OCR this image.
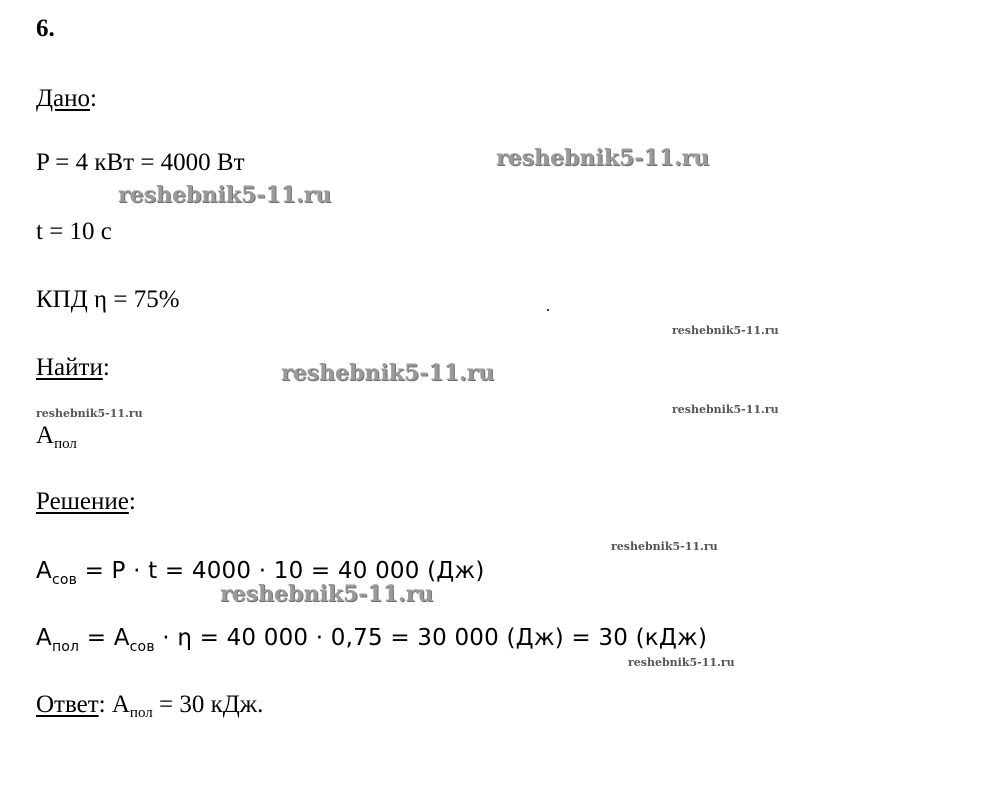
6.
Дано:
P = 4 кВт = 4000 Вт
t = 10 с
КПД η = 75%
Найти:
$A_{пол}$
Решение:
$A_{сов} = P \cdot t = 4000 \cdot 10 = 40$ 000 (Дж)
$A_{пол} = A_{сов} \cdot \eta = 40$ 000 · 0,75 = 30 000 (Дж) = 30 (кДж)
Ответ: $A_{пол} = 30$ кДж.
reshebnik5-11.ru
reshebnik5-11.ru
reshebnik5-11.ru
reshebnik5-11.ru
reshebnik5-11.ru
reshebnik5-11.ru	reshebnik5-11.ru
reshebnik5-11.ru
reshebnik5-11.ru
